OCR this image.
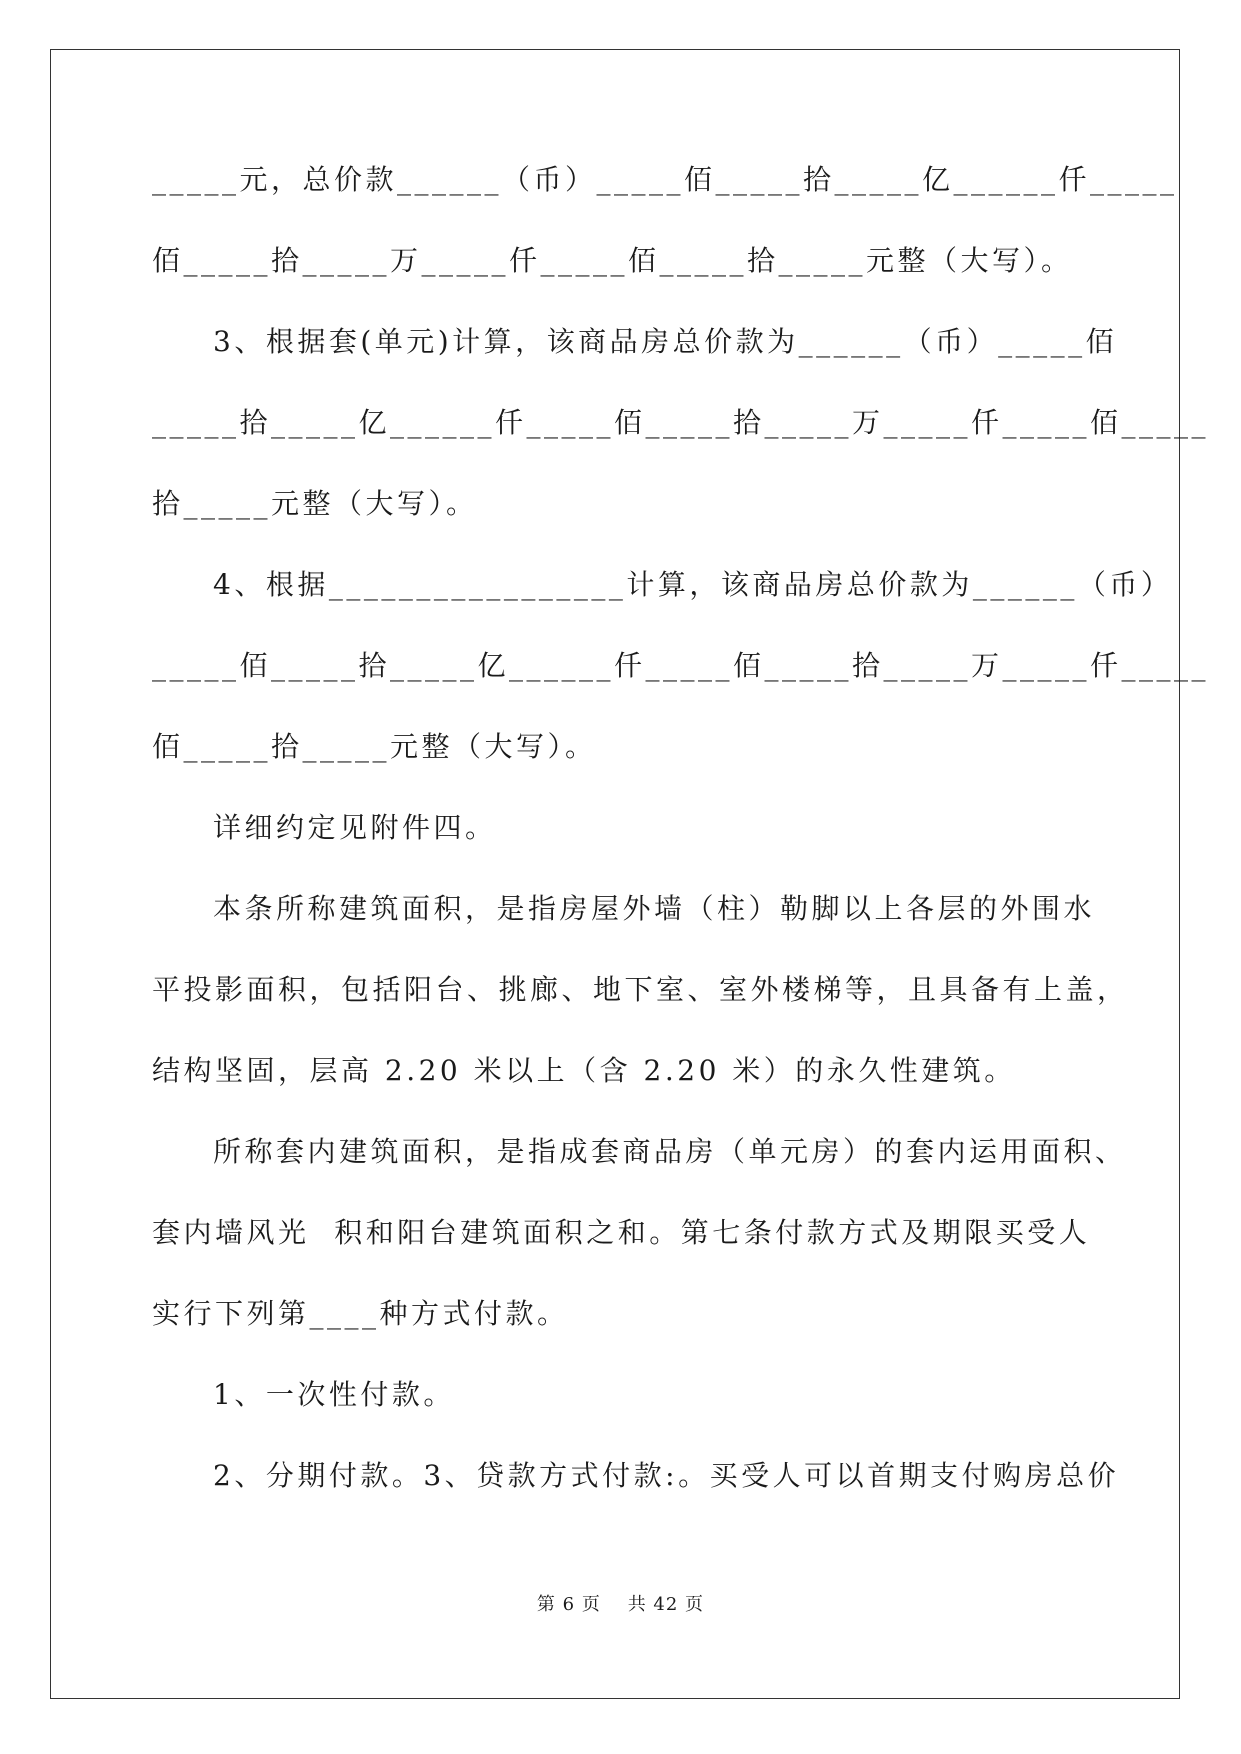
_____元，总价款______（币）_____佰_____拾_____亿______仟_____
佰_____拾_____万_____仟_____佰_____拾_____元整（大写）。
3、根据套(单元)计算，该商品房总价款为______（币）_____佰
_____拾_____亿______仟_____佰_____拾_____万_____仟_____佰_____
拾_____元整（大写）。
4、根据_________________计算，该商品房总价款为______（币）
_____佰_____拾_____亿______仟_____佰_____拾_____万_____仟_____
佰_____拾_____元整（大写）。
详细约定见附件四。
本条所称建筑面积，是指房屋外墙（柱）勒脚以上各层的外围水
平投影面积，包括阳台、挑廊、地下室、室外楼梯等，且具备有上盖，
结构坚固，层高 2.20 米以上（含 2.20 米）的永久性建筑。
所称套内建筑面积，是指成套商品房（单元房）的套内运用面积、
套内墙风光  积和阳台建筑面积之和。第七条付款方式及期限买受人
实行下列第____种方式付款。
1、一次性付款。
2、分期付款。3、贷款方式付款:。买受人可以首期支付购房总价
第 6 页    共 42 页
